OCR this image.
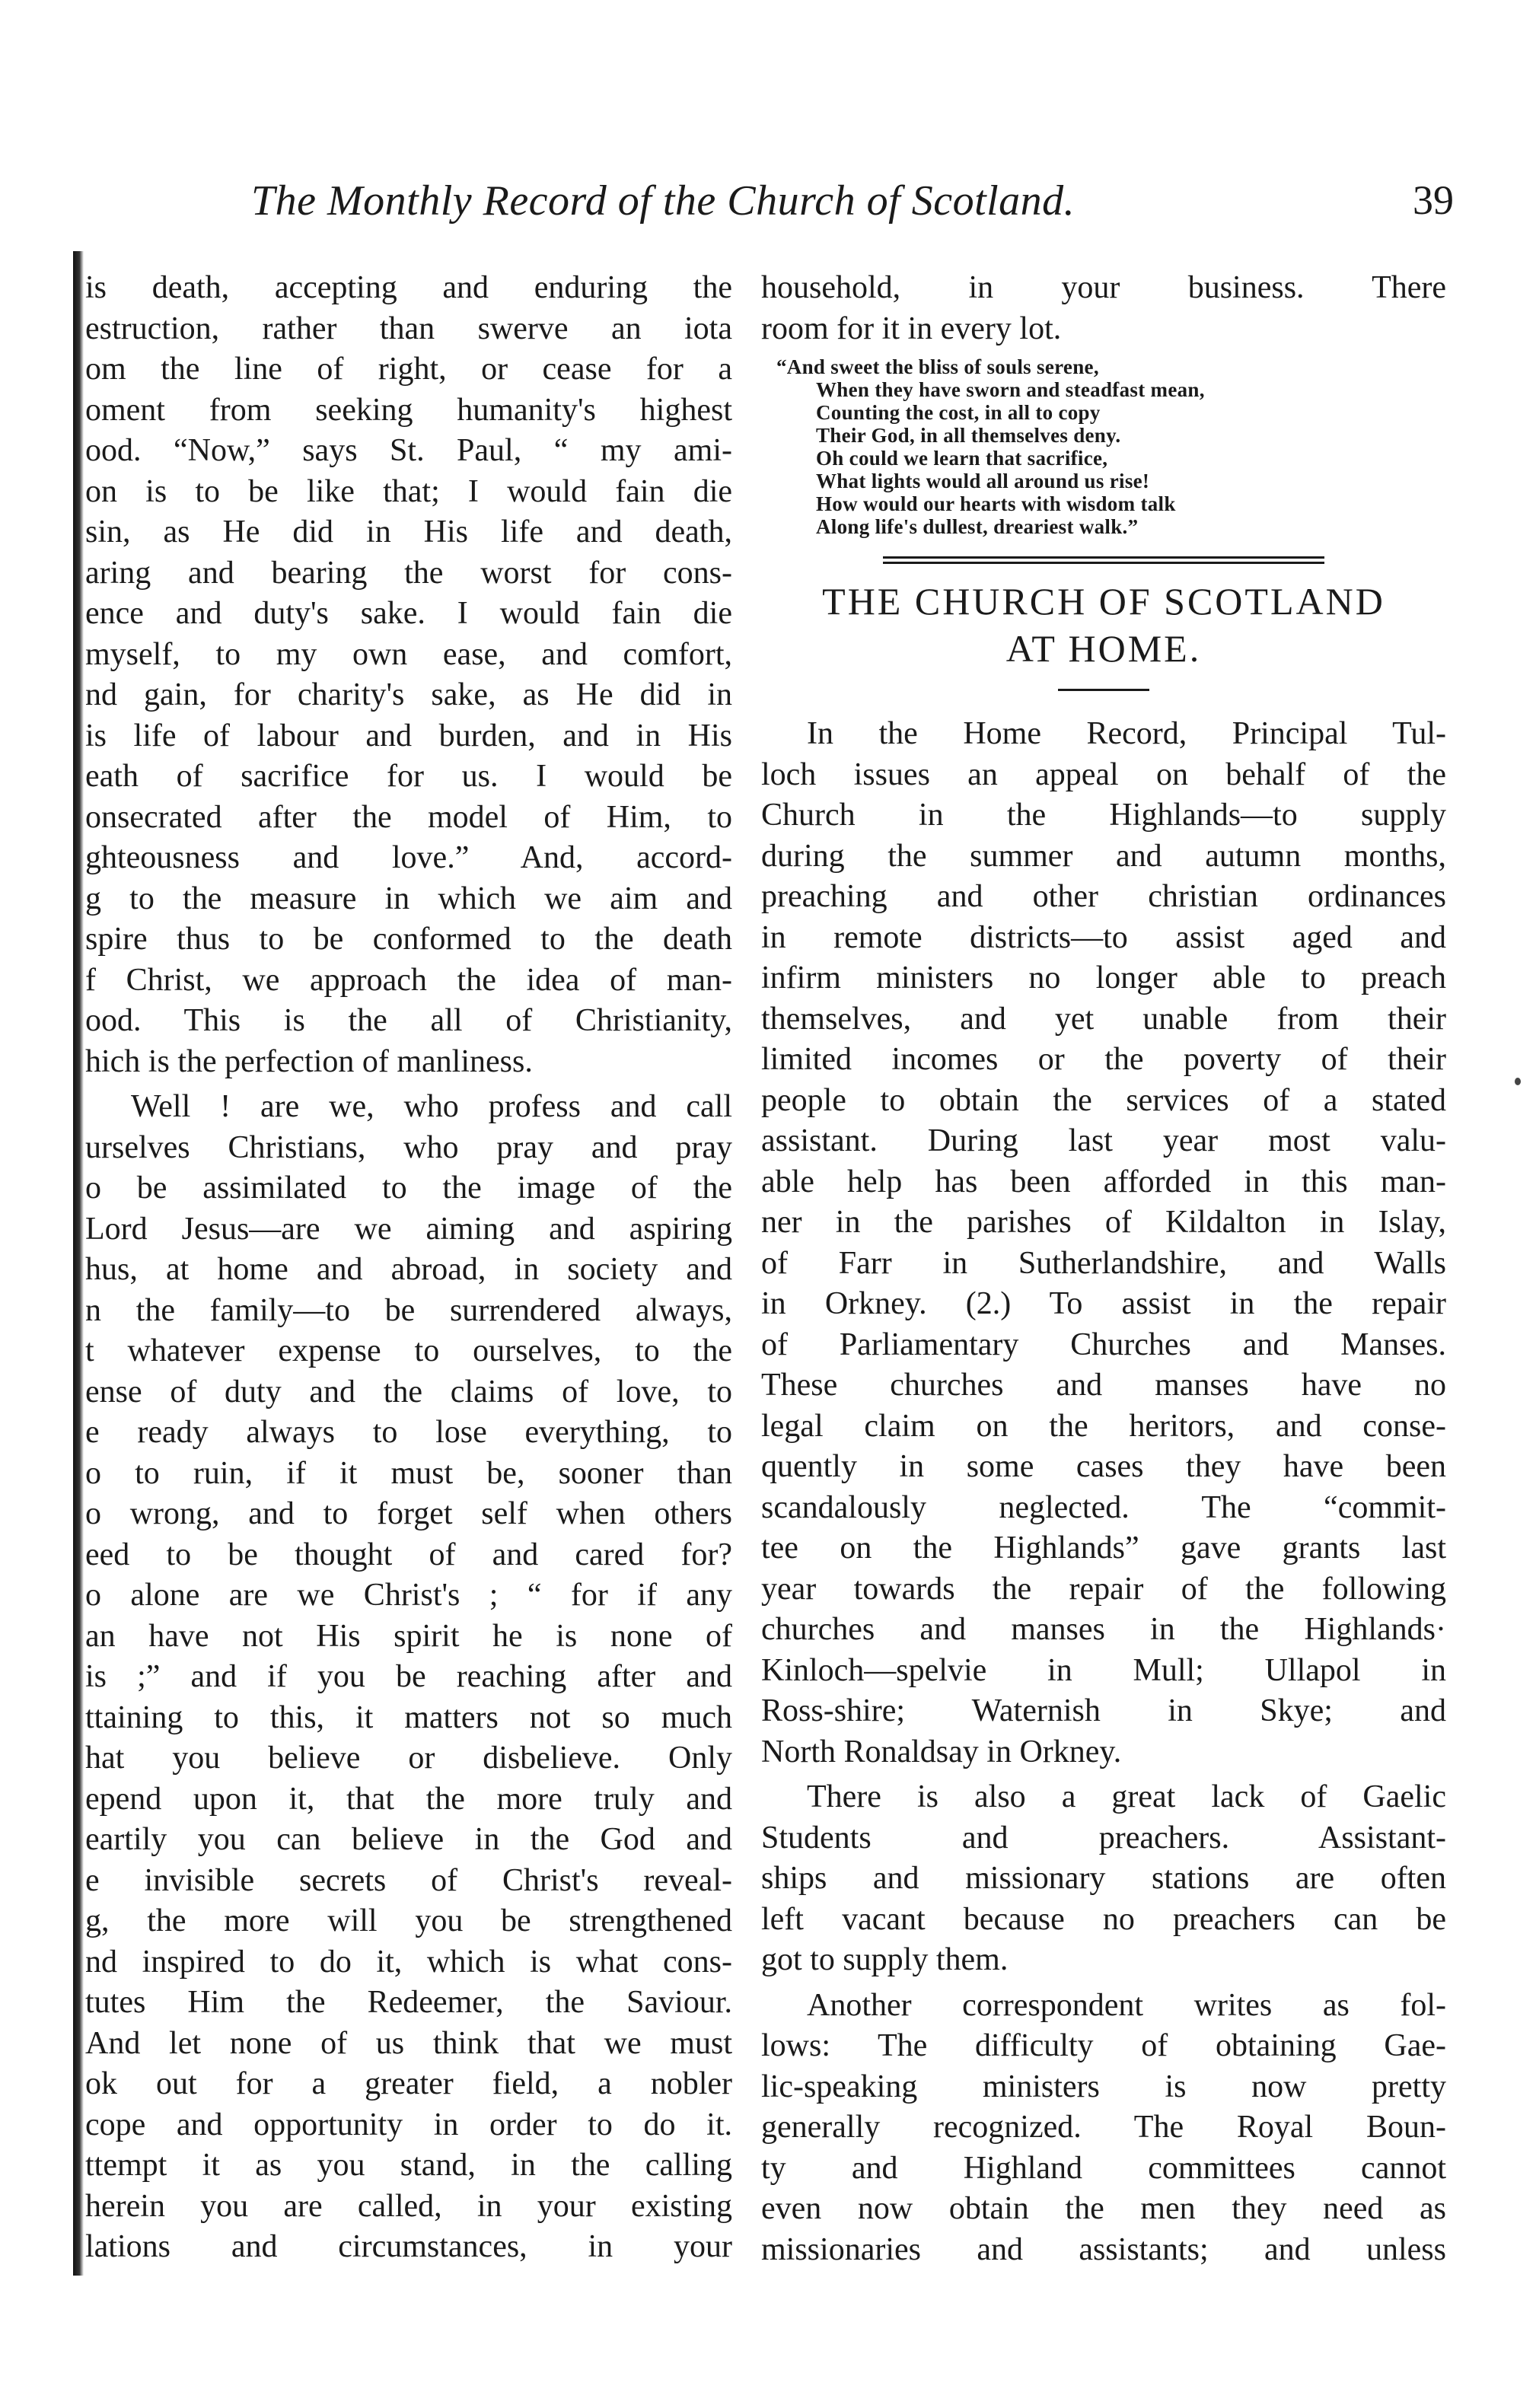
The Monthly Record of the Church of Scotland.	39
is death, accepting and enduring the
estruction, rather than swerve an iota
om the line of right, or cease for a
oment from seeking humanity's highest
ood. “Now,” says St. Paul, “ my ami-
on is to be like that; I would fain die
sin, as He did in His life and death,
aring and bearing the worst for cons-
ence and duty's sake. I would fain die
myself, to my own ease, and comfort,
nd gain, for charity's sake, as He did in
is life of labour and burden, and in His
eath of sacrifice for us. I would be
onsecrated after the model of Him, to
ghteousness and love.” And, accord-
g to the measure in which we aim and
spire thus to be conformed to the death
f Christ, we approach the idea of man-
ood. This is the all of Christianity,
hich is the perfection of manliness.
Well ! are we, who profess and call
urselves Christians, who pray and pray
o be assimilated to the image of the
Lord Jesus—are we aiming and aspiring
hus, at home and abroad, in society and
n the family—to be surrendered always,
t whatever expense to ourselves, to the
ense of duty and the claims of love, to
e ready always to lose everything, to
o to ruin, if it must be, sooner than
o wrong, and to forget self when others
eed to be thought of and cared for?
o alone are we Christ's ; “ for if any
an have not His spirit he is none of
is ;” and if you be reaching after and
ttaining to this, it matters not so much
hat you believe or disbelieve. Only
epend upon it, that the more truly and
eartily you can believe in the God and
e invisible secrets of Christ's reveal-
g, the more will you be strengthened
nd inspired to do it, which is what cons-
tutes Him the Redeemer, the Saviour.
And let none of us think that we must
ok out for a greater field, a nobler
cope and opportunity in order to do it.
ttempt it as you stand, in the calling
herein you are called, in your existing
lations and circumstances, in your
household, in your business. There
room for it in every lot.
“And sweet the bliss of souls serene,
When they have sworn and steadfast mean,
Counting the cost, in all to copy
Their God, in all themselves deny.
Oh could we learn that sacrifice,
What lights would all around us rise!
How would our hearts with wisdom talk
Along life's dullest, dreariest walk.”
THE CHURCH OF SCOTLAND
AT HOME.
In the Home Record, Principal Tul-
loch issues an appeal on behalf of the
Church in the Highlands—to supply
during the summer and autumn months,
preaching and other christian ordinances
in remote districts—to assist aged and
infirm ministers no longer able to preach
themselves, and yet unable from their
limited incomes or the poverty of their
people to obtain the services of a stated
assistant. During last year most valu-
able help has been afforded in this man-
ner in the parishes of Kildalton in Islay,
of Farr in Sutherlandshire, and Walls
in Orkney. (2.) To assist in the repair
of Parliamentary Churches and Manses.
These churches and manses have no
legal claim on the heritors, and conse-
quently in some cases they have been
scandalously neglected. The “commit-
tee on the Highlands” gave grants last
year towards the repair of the following
churches and manses in the Highlands·
Kinloch—spelvie in Mull; Ullapol in
Ross-shire; Waternish in Skye; and
North Ronaldsay in Orkney.
There is also a great lack of Gaelic
Students and preachers. Assistant-
ships and missionary stations are often
left vacant because no preachers can be
got to supply them.
Another correspondent writes as fol-
lows: The difficulty of obtaining Gae-
lic-speaking ministers is now pretty
generally recognized. The Royal Boun-
ty and Highland committees cannot
even now obtain the men they need as
missionaries and assistants; and unless
